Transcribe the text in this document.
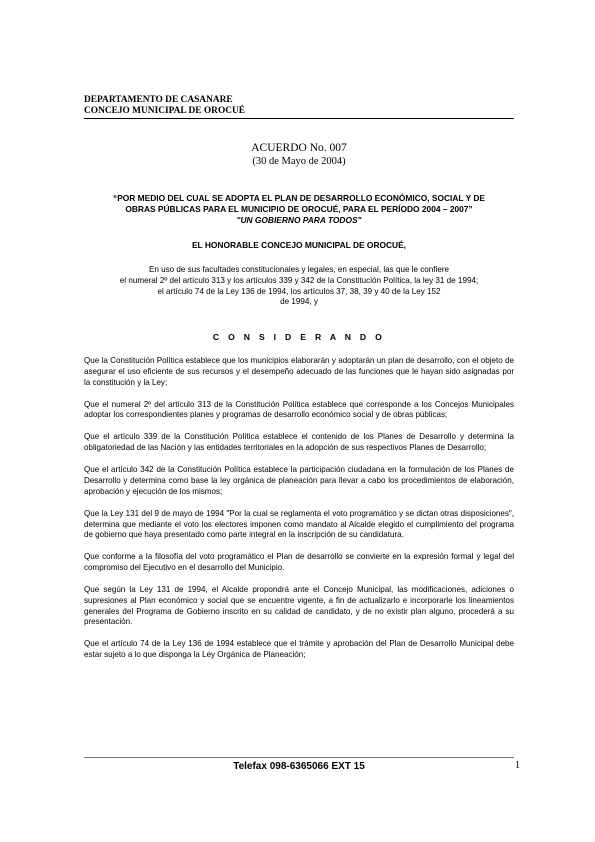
DEPARTAMENTO DE CASANARE
CONCEJO MUNICIPAL DE OROCUÉ
ACUERDO No. 007
(30 de Mayo de 2004)
“POR MEDIO DEL CUAL SE ADOPTA EL PLAN DE DESARROLLO ECONÓMICO, SOCIAL Y DE
OBRAS PÚBLICAS PARA EL MUNICIPIO DE OROCUÉ, PARA EL PERÍODO 2004 – 2007”
"UN GOBIERNO PARA TODOS"
EL HONORABLE CONCEJO MUNICIPAL DE OROCUÉ,
En uso de sus facultades constitucionales y legales, en especial, las que le confiere
el numeral 2º del artículo 313 y los artículos 339 y 342 de la Constitución Política, la ley 31 de 1994;
el artículo 74 de la Ley 136 de 1994, los artículos 37, 38, 39 y 40 de la Ley 152
de 1994, y
C O N S I D E R A N D O

Que la Constitución Política establece que los municipios elaborarán y adoptarán un plan de desarrollo, con el objeto de asegurar el uso eficiente de sus recursos y el desempeño adecuado de las funciones que le hayan sido asignadas por la constitución y la Ley;

Que el numeral 2º del artículo 313 de la Constitución Política establece que corresponde a los Concejos Municipales adoptar los correspondientes planes y programas de desarrollo económico social y de obras públicas;

Que el artículo 339 de la Constitución Política establece el contenido de los Planes de Desarrollo y determina la obligatoriedad de las Nación y las entidades territoriales en la adopción de sus respectivos Planes de Desarrollo;

Que el artículo 342 de la Constitución Política establece la participación ciudadana en la formulación de los Planes de Desarrollo y determina como base la ley orgánica de planeación para llevar a cabo los procedimientos de elaboración, aprobación y ejecución de los mismos;

Que la Ley 131 del 9 de mayo de 1994 "Por la cual se reglamenta el voto programático y se dictan otras disposiciones", determina que mediante el voto los electores imponen como mandato al Alcalde elegido el cumplimiento del programa de gobierno que haya presentado como parte integral en la inscripción de su candidatura.

Que conforme a la filosofía del voto programático el Plan de desarrollo se convierte en la expresión formal y legal del compromiso del Ejecutivo en el desarrollo del Municipio.

Que según la Ley 131 de 1994, el Alcalde propondrá ante el Concejo Municipal, las modificaciones, adiciones o supresiones al Plan económico y social que se encuentre vigente, a fin de actualizarlo e incorporarle los lineamientos generales del Programa de Gobierno inscrito en su calidad de candidato, y de no existir plan alguno, procederá a su presentación.

Que el artículo 74 de la Ley 136 de 1994 establece que el trámite y aprobación del Plan de Desarrollo Municipal debe estar sujeto a lo que disponga la Ley Orgánica de Planeación;

Telefax 098-6365066 EXT 15	1
